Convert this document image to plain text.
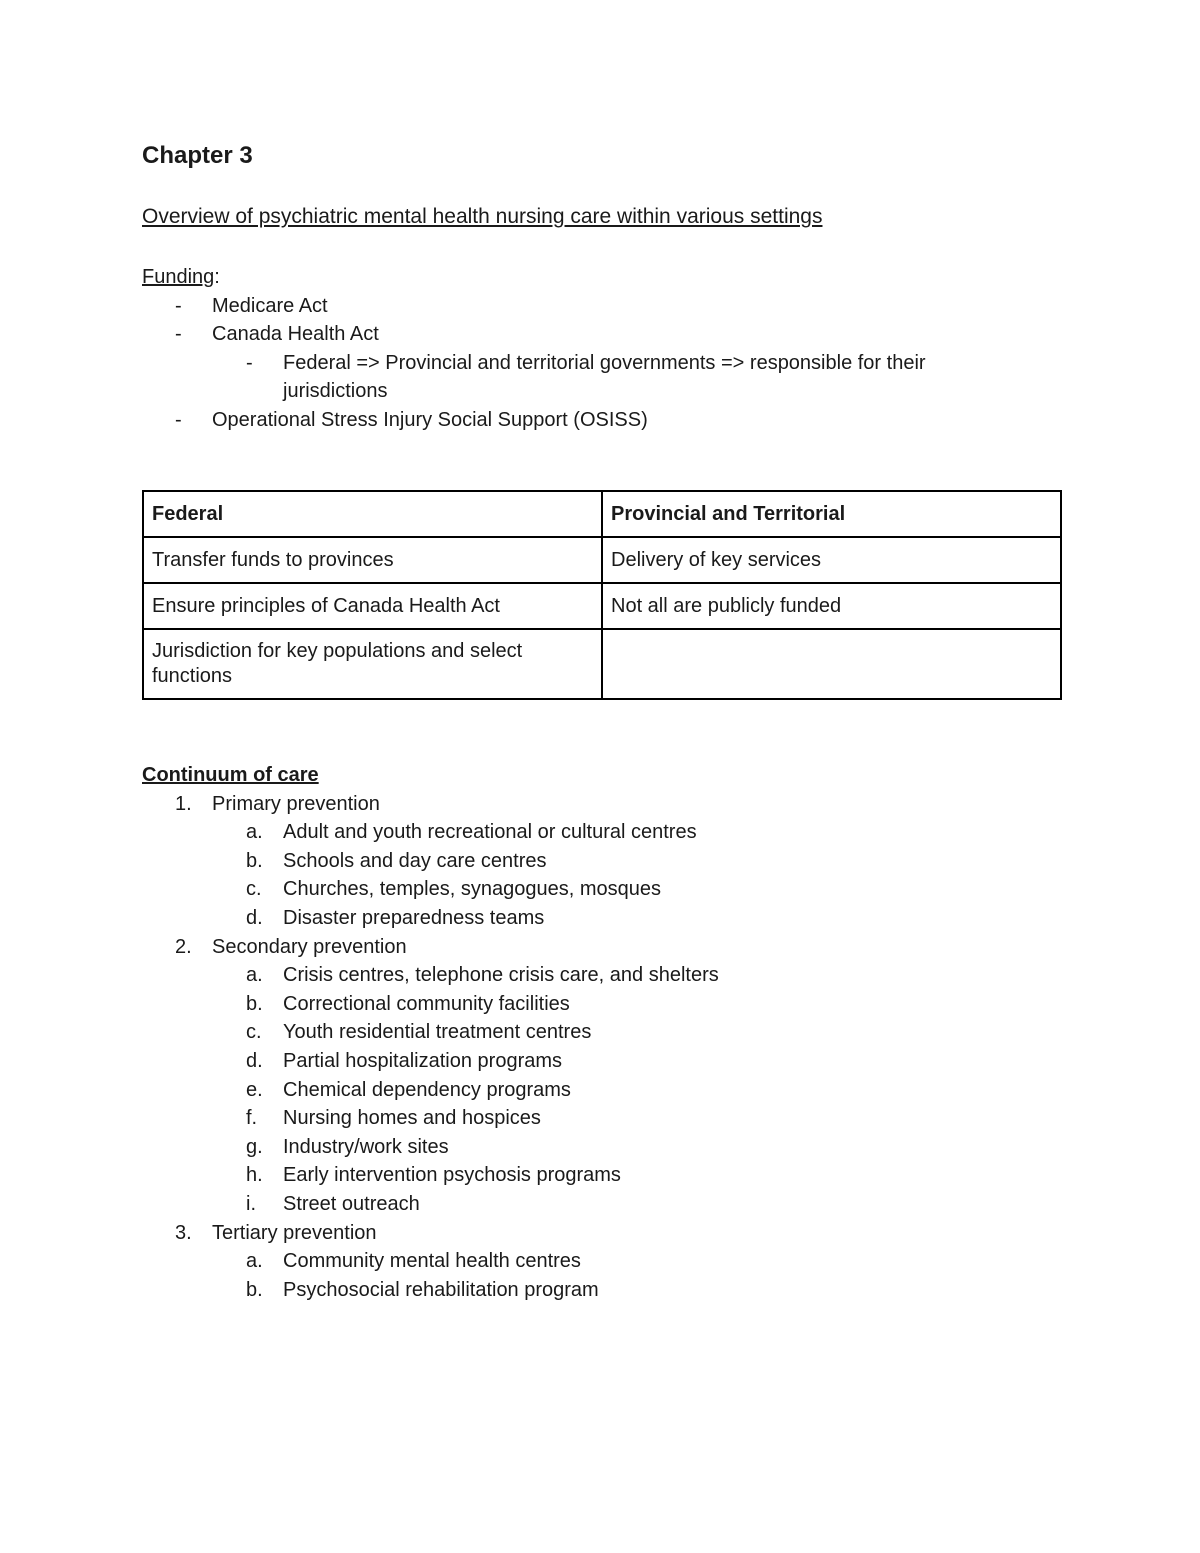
Chapter 3

Overview of psychiatric mental health nursing care within various settings

Funding:
- Medicare Act
- Canada Health Act
- Federal => Provincial and territorial governments => responsible for their jurisdictions
- Operational Stress Injury Social Support (OSISS)
Federal	Provincial and Territorial
Transfer funds to provinces	Delivery of key services
Ensure principles of Canada Health Act	Not all are publicly funded
Jurisdiction for key populations and select functions	
Continuum of care
1. Primary prevention
a. Adult and youth recreational or cultural centres
b. Schools and day care centres
c. Churches, temples, synagogues, mosques
d. Disaster preparedness teams
2. Secondary prevention
a. Crisis centres, telephone crisis care, and shelters
b. Correctional community facilities
c. Youth residential treatment centres
d. Partial hospitalization programs
e. Chemical dependency programs
f. Nursing homes and hospices
g. Industry/work sites
h. Early intervention psychosis programs
i. Street outreach
3. Tertiary prevention
a. Community mental health centres
b. Psychosocial rehabilitation program
